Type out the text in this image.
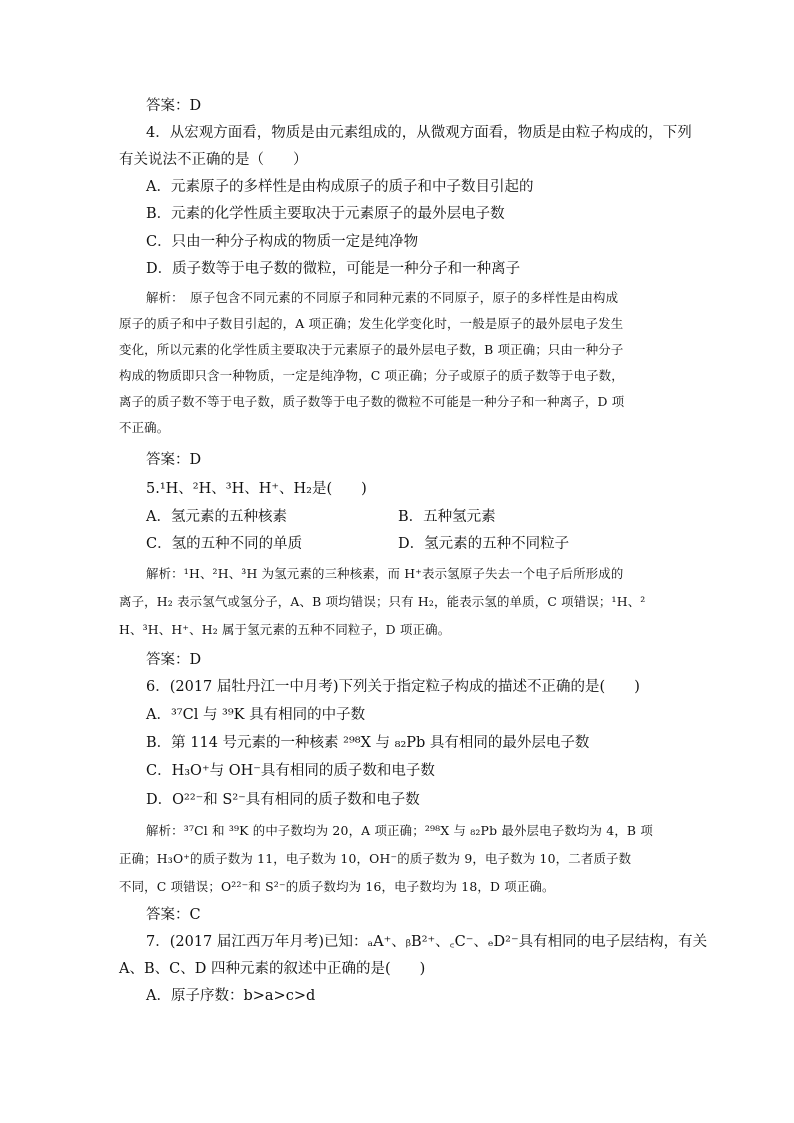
答案：D
4．从宏观方面看，物质是由元素组成的，从微观方面看，物质是由粒子构成的，下列
有关说法不正确的是（　　）
A．元素原子的多样性是由构成原子的质子和中子数目引起的
B．元素的化学性质主要取决于元素原子的最外层电子数
C．只由一种分子构成的物质一定是纯净物
D．质子数等于电子数的微粒，可能是一种分子和一种离子
解析：　原子包含不同元素的不同原子和同种元素的不同原子，原子的多样性是由构成
原子的质子和中子数目引起的，A 项正确；发生化学变化时，一般是原子的最外层电子发生
变化，所以元素的化学性质主要取决于元素原子的最外层电子数，B 项正确；只由一种分子
构成的物质即只含一种物质，一定是纯净物，C 项正确；分子或原子的质子数等于电子数，
离子的质子数不等于电子数，质子数等于电子数的微粒不可能是一种分子和一种离子，D 项
不正确。
答案：D
5.¹H、²H、³H、H⁺、H₂是(　　)
A．氢元素的五种核素	B．五种氢元素
C．氢的五种不同的单质	D．氢元素的五种不同粒子
解析：¹H、²H、³H 为氢元素的三种核素，而 H⁺表示氢原子失去一个电子后所形成的
离子，H₂ 表示氢气或氢分子，A、B 项均错误；只有 H₂，能表示氢的单质，C 项错误；¹H、²
H、³H、H⁺、H₂ 属于氢元素的五种不同粒子，D 项正确。
答案：D
6．(2017 届牡丹江一中月考)下列关于指定粒子构成的描述不正确的是(　　)
A．³⁷Cl 与 ³⁹K 具有相同的中子数
B．第 114 号元素的一种核素 ²⁹⁸X 与 ₈₂Pb 具有相同的最外层电子数
C．H₃O⁺与 OH⁻具有相同的质子数和电子数
D．O²²⁻和 S²⁻具有相同的质子数和电子数
解析：³⁷Cl 和 ³⁹K 的中子数均为 20，A 项正确；²⁹⁸X 与 ₈₂Pb 最外层电子数均为 4，B 项
正确；H₃O⁺的质子数为 11，电子数为 10，OH⁻的质子数为 9，电子数为 10，二者质子数
不同，C 项错误；O²²⁻和 S²⁻的质子数均为 16，电子数均为 18，D 项正确。
答案：C
7．(2017 届江西万年月考)已知：ₐA⁺、ᵦB²⁺、꜀C⁻、ₑD²⁻具有相同的电子层结构，有关
A、B、C、D 四种元素的叙述中正确的是(　　)
A．原子序数：b>a>c>d
